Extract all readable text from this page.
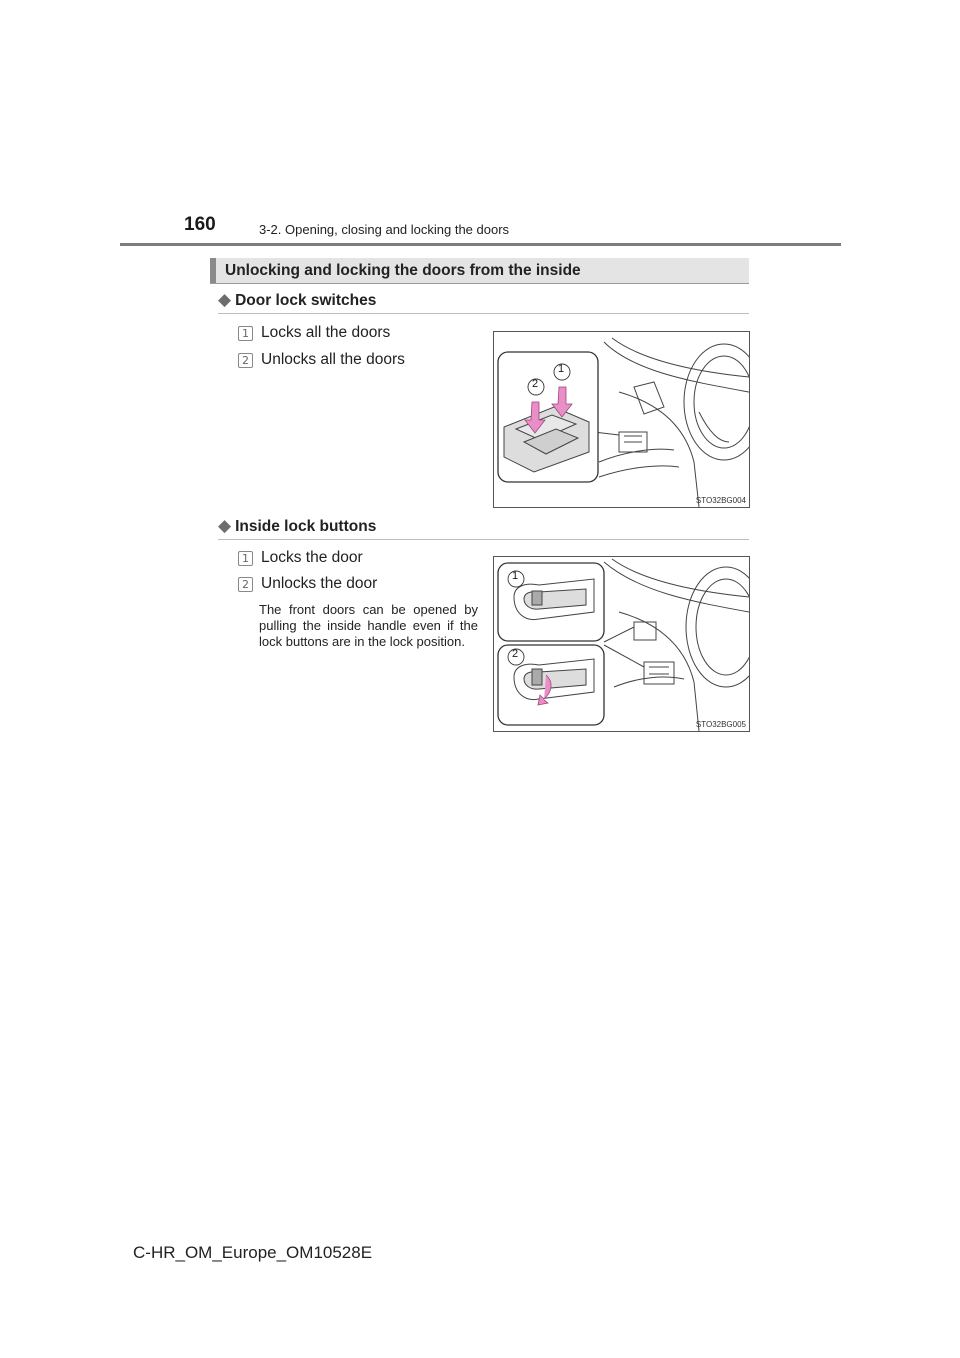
160	3-2. Opening, closing and locking the doors
Unlocking and locking the doors from the inside
◆ Door lock switches
1 Locks all the doors
2 Unlocks all the doors
1
2
STO32BG004
◆ Inside lock buttons
1 Locks the door
2 Unlocks the door
The front doors can be opened by pulling the inside handle even if the lock buttons are in the lock position.
1
2
STO32BG005
C-HR_OM_Europe_OM10528E
